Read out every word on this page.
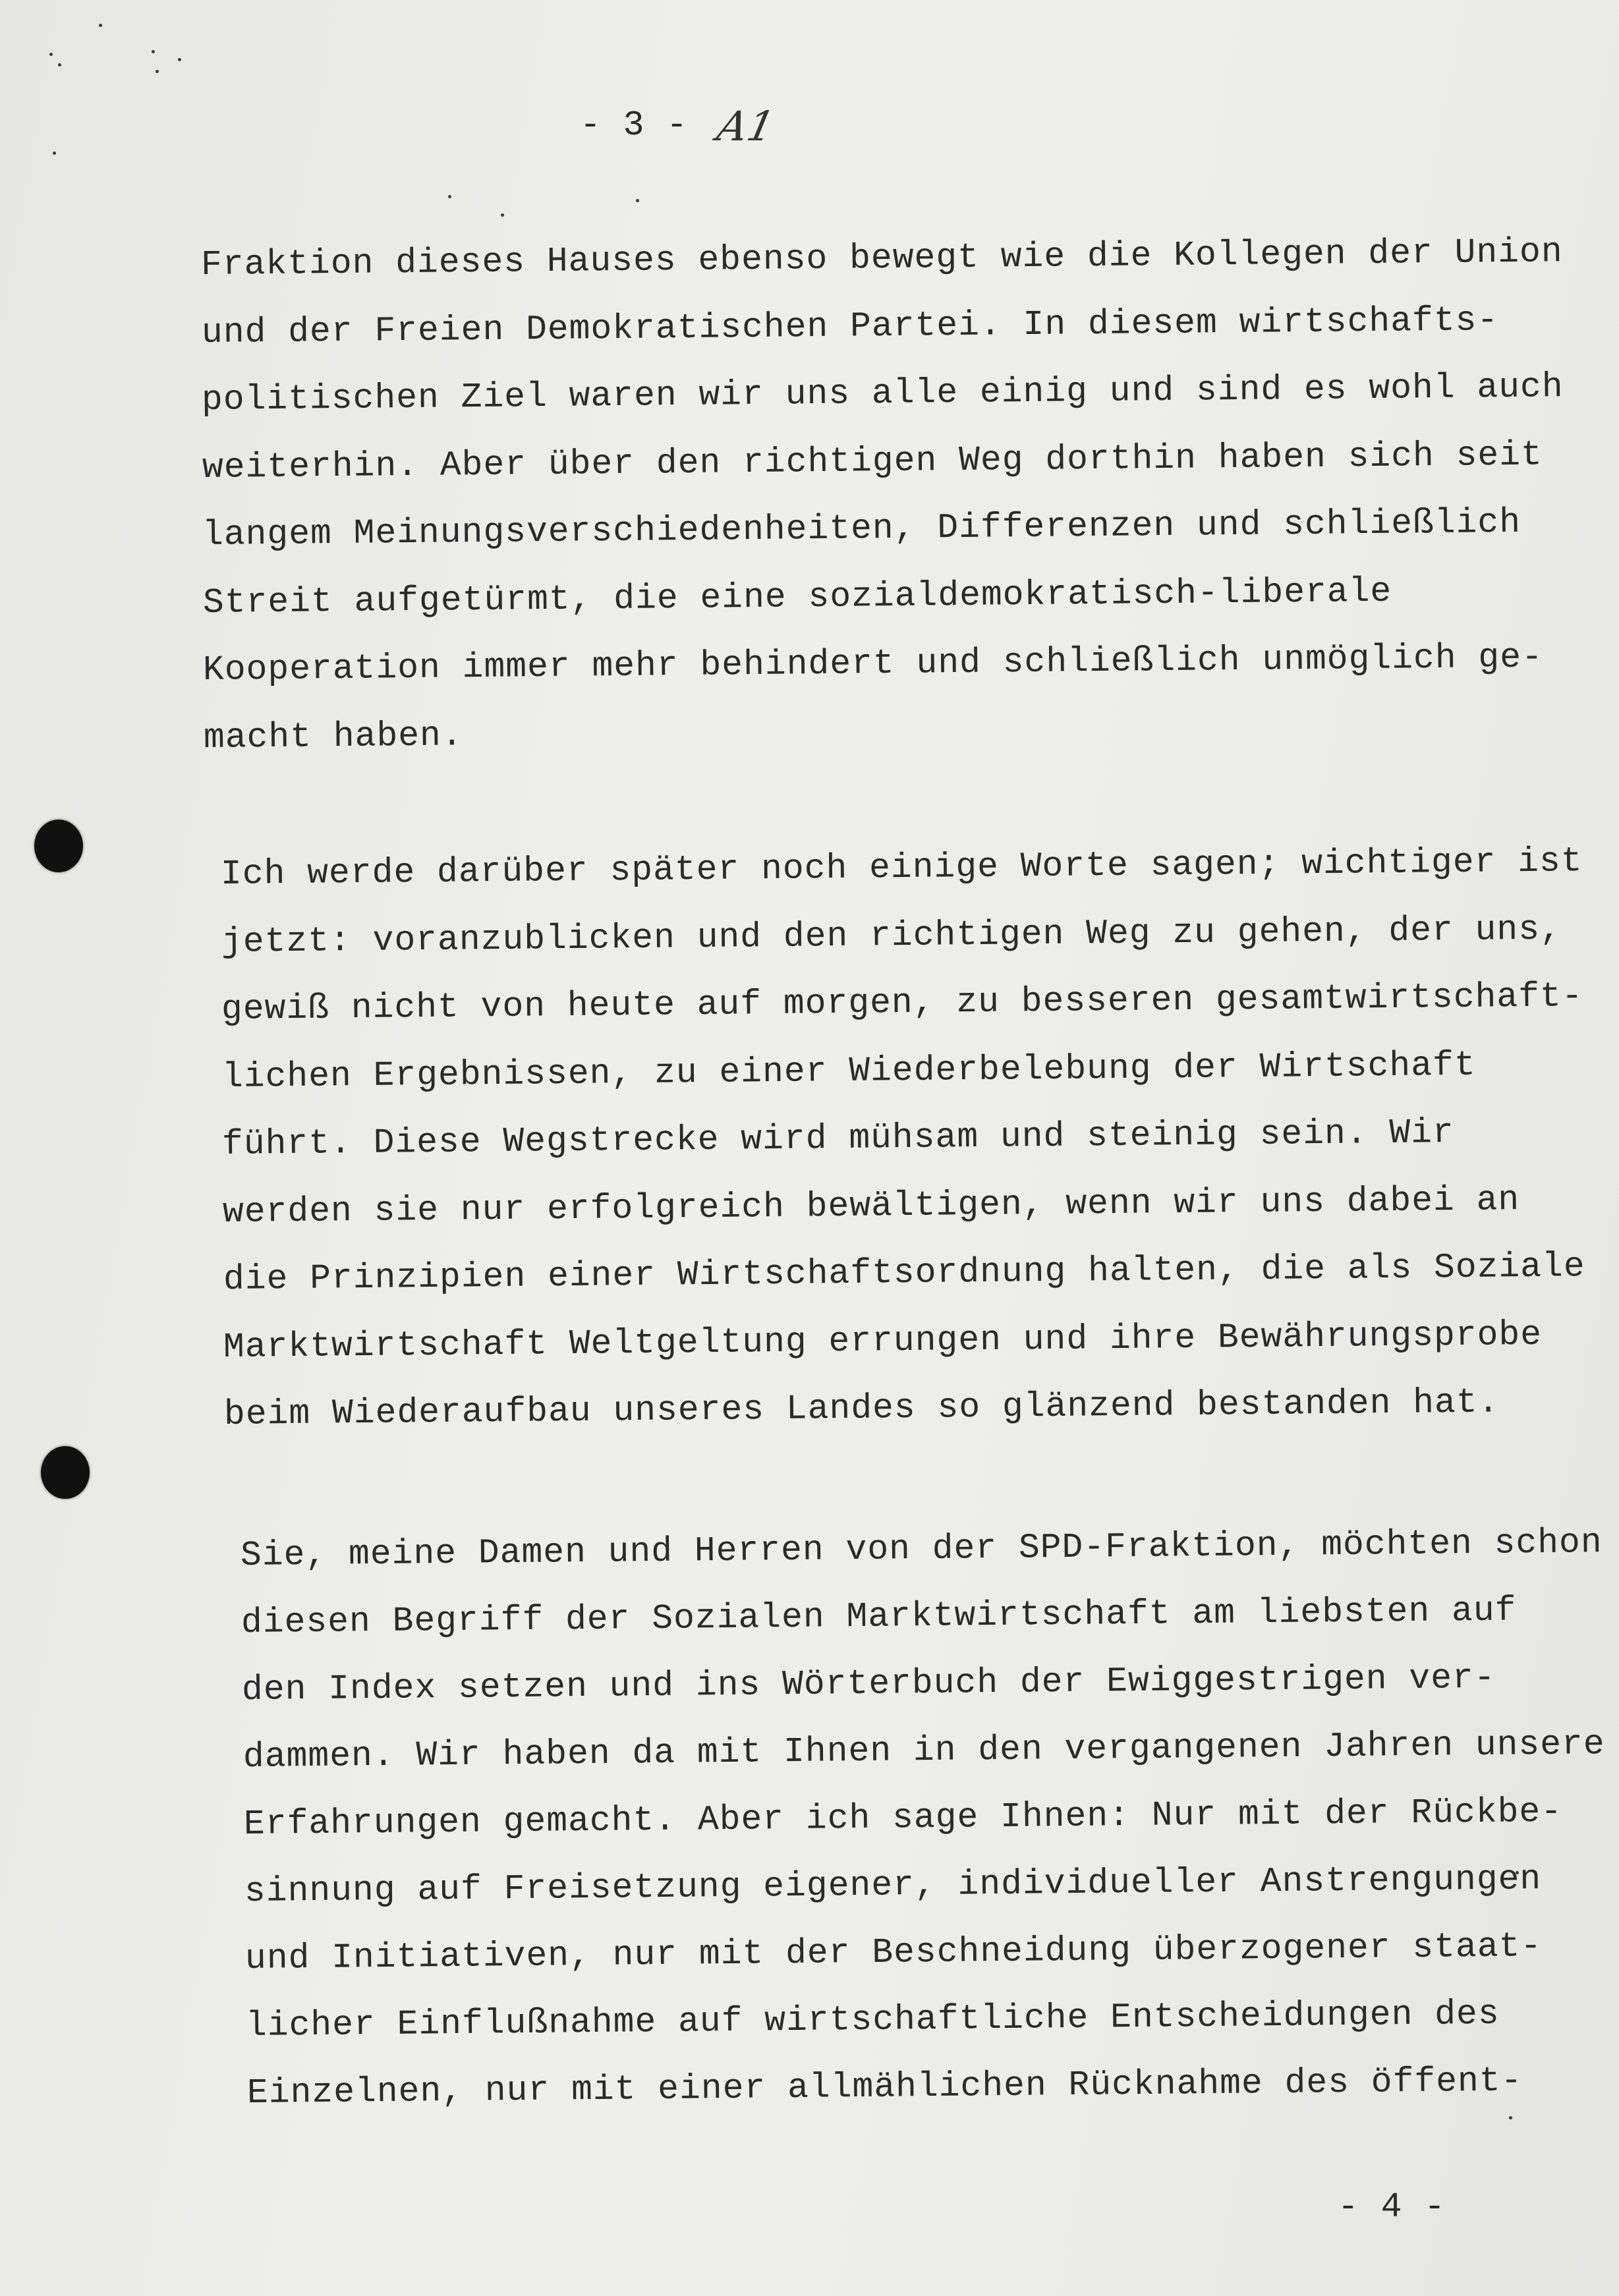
- 3 - A1
Fraktion dieses Hauses ebenso bewegt wie die Kollegen der Union
und der Freien Demokratischen Partei. In diesem wirtschafts-
politischen Ziel waren wir uns alle einig und sind es wohl auch
weiterhin. Aber über den richtigen Weg dorthin haben sich seit
langem Meinungsverschiedenheiten, Differenzen und schließlich
Streit aufgetürmt, die eine sozialdemokratisch-liberale
Kooperation immer mehr behindert und schließlich unmöglich ge-
macht haben.
Ich werde darüber später noch einige Worte sagen; wichtiger ist
jetzt: voranzublicken und den richtigen Weg zu gehen, der uns,
gewiß nicht von heute auf morgen, zu besseren gesamtwirtschaft-
lichen Ergebnissen, zu einer Wiederbelebung der Wirtschaft
führt. Diese Wegstrecke wird mühsam und steinig sein. Wir
werden sie nur erfolgreich bewältigen, wenn wir uns dabei an
die Prinzipien einer Wirtschaftsordnung halten, die als Soziale
Marktwirtschaft Weltgeltung errungen und ihre Bewährungsprobe
beim Wiederaufbau unseres Landes so glänzend bestanden hat.
Sie, meine Damen und Herren von der SPD-Fraktion, möchten schon
diesen Begriff der Sozialen Marktwirtschaft am liebsten auf
den Index setzen und ins Wörterbuch der Ewiggestrigen ver-
dammen. Wir haben da mit Ihnen in den vergangenen Jahren unsere
Erfahrungen gemacht. Aber ich sage Ihnen: Nur mit der Rückbe-
sinnung auf Freisetzung eigener, individueller Anstrengungen
und Initiativen, nur mit der Beschneidung überzogener staat-
licher Einflußnahme auf wirtschaftliche Entscheidungen des
Einzelnen, nur mit einer allmählichen Rücknahme des öffent-
- 4 -
